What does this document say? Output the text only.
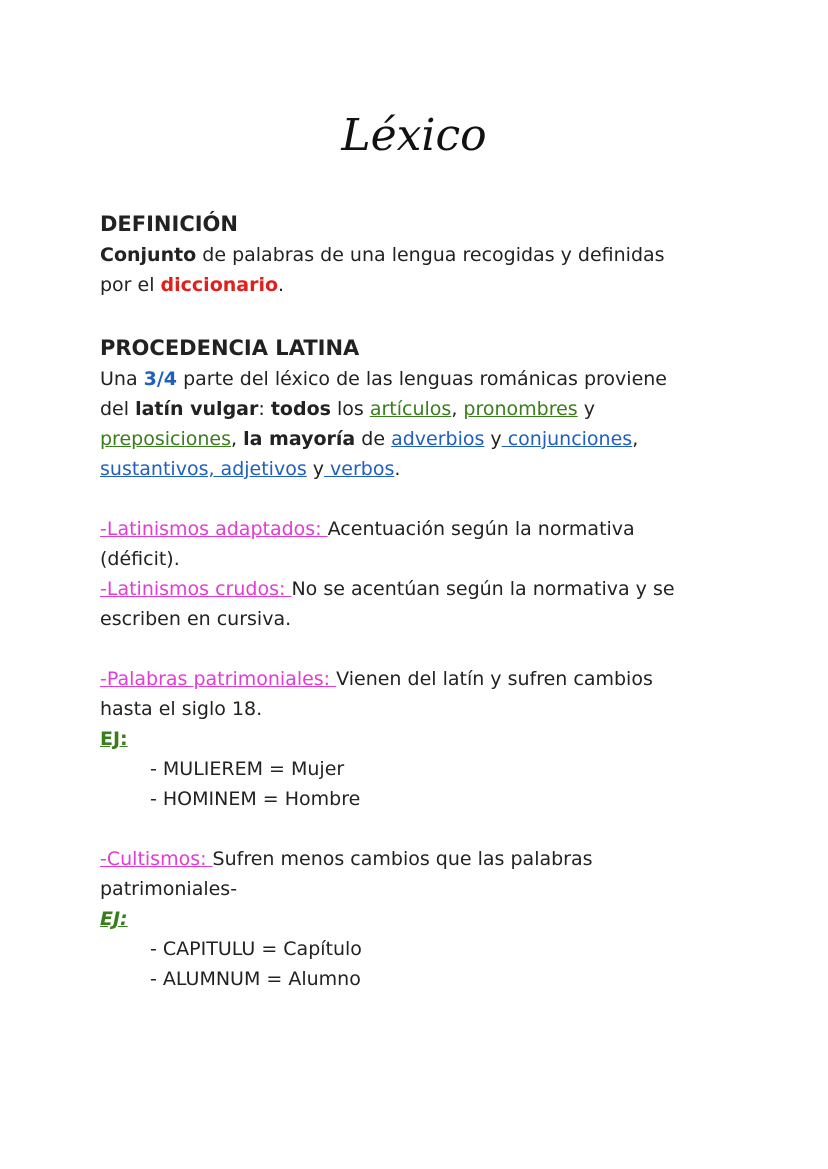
Léxico
DEFINICIÓN

Conjunto de palabras de una lengua recogidas y definidas

por el diccionario.

PROCEDENCIA LATINA

Una 3/4 parte del léxico de las lenguas románicas proviene

del latín vulgar: todos los artículos, pronombres y

preposiciones, la mayoría de adverbios y conjunciones,

sustantivos, adjetivos y verbos.

-Latinismos adaptados: Acentuación según la normativa

(déficit).

-Latinismos crudos: No se acentúan según la normativa y se

escriben en cursiva.

-Palabras patrimoniales: Vienen del latín y sufren cambios

hasta el siglo 18.

EJ:

- MULIEREM = Mujer

- HOMINEM = Hombre

-Cultismos: Sufren menos cambios que las palabras

patrimoniales-

EJ:

- CAPITULU = Capítulo

- ALUMNUM = Alumno
